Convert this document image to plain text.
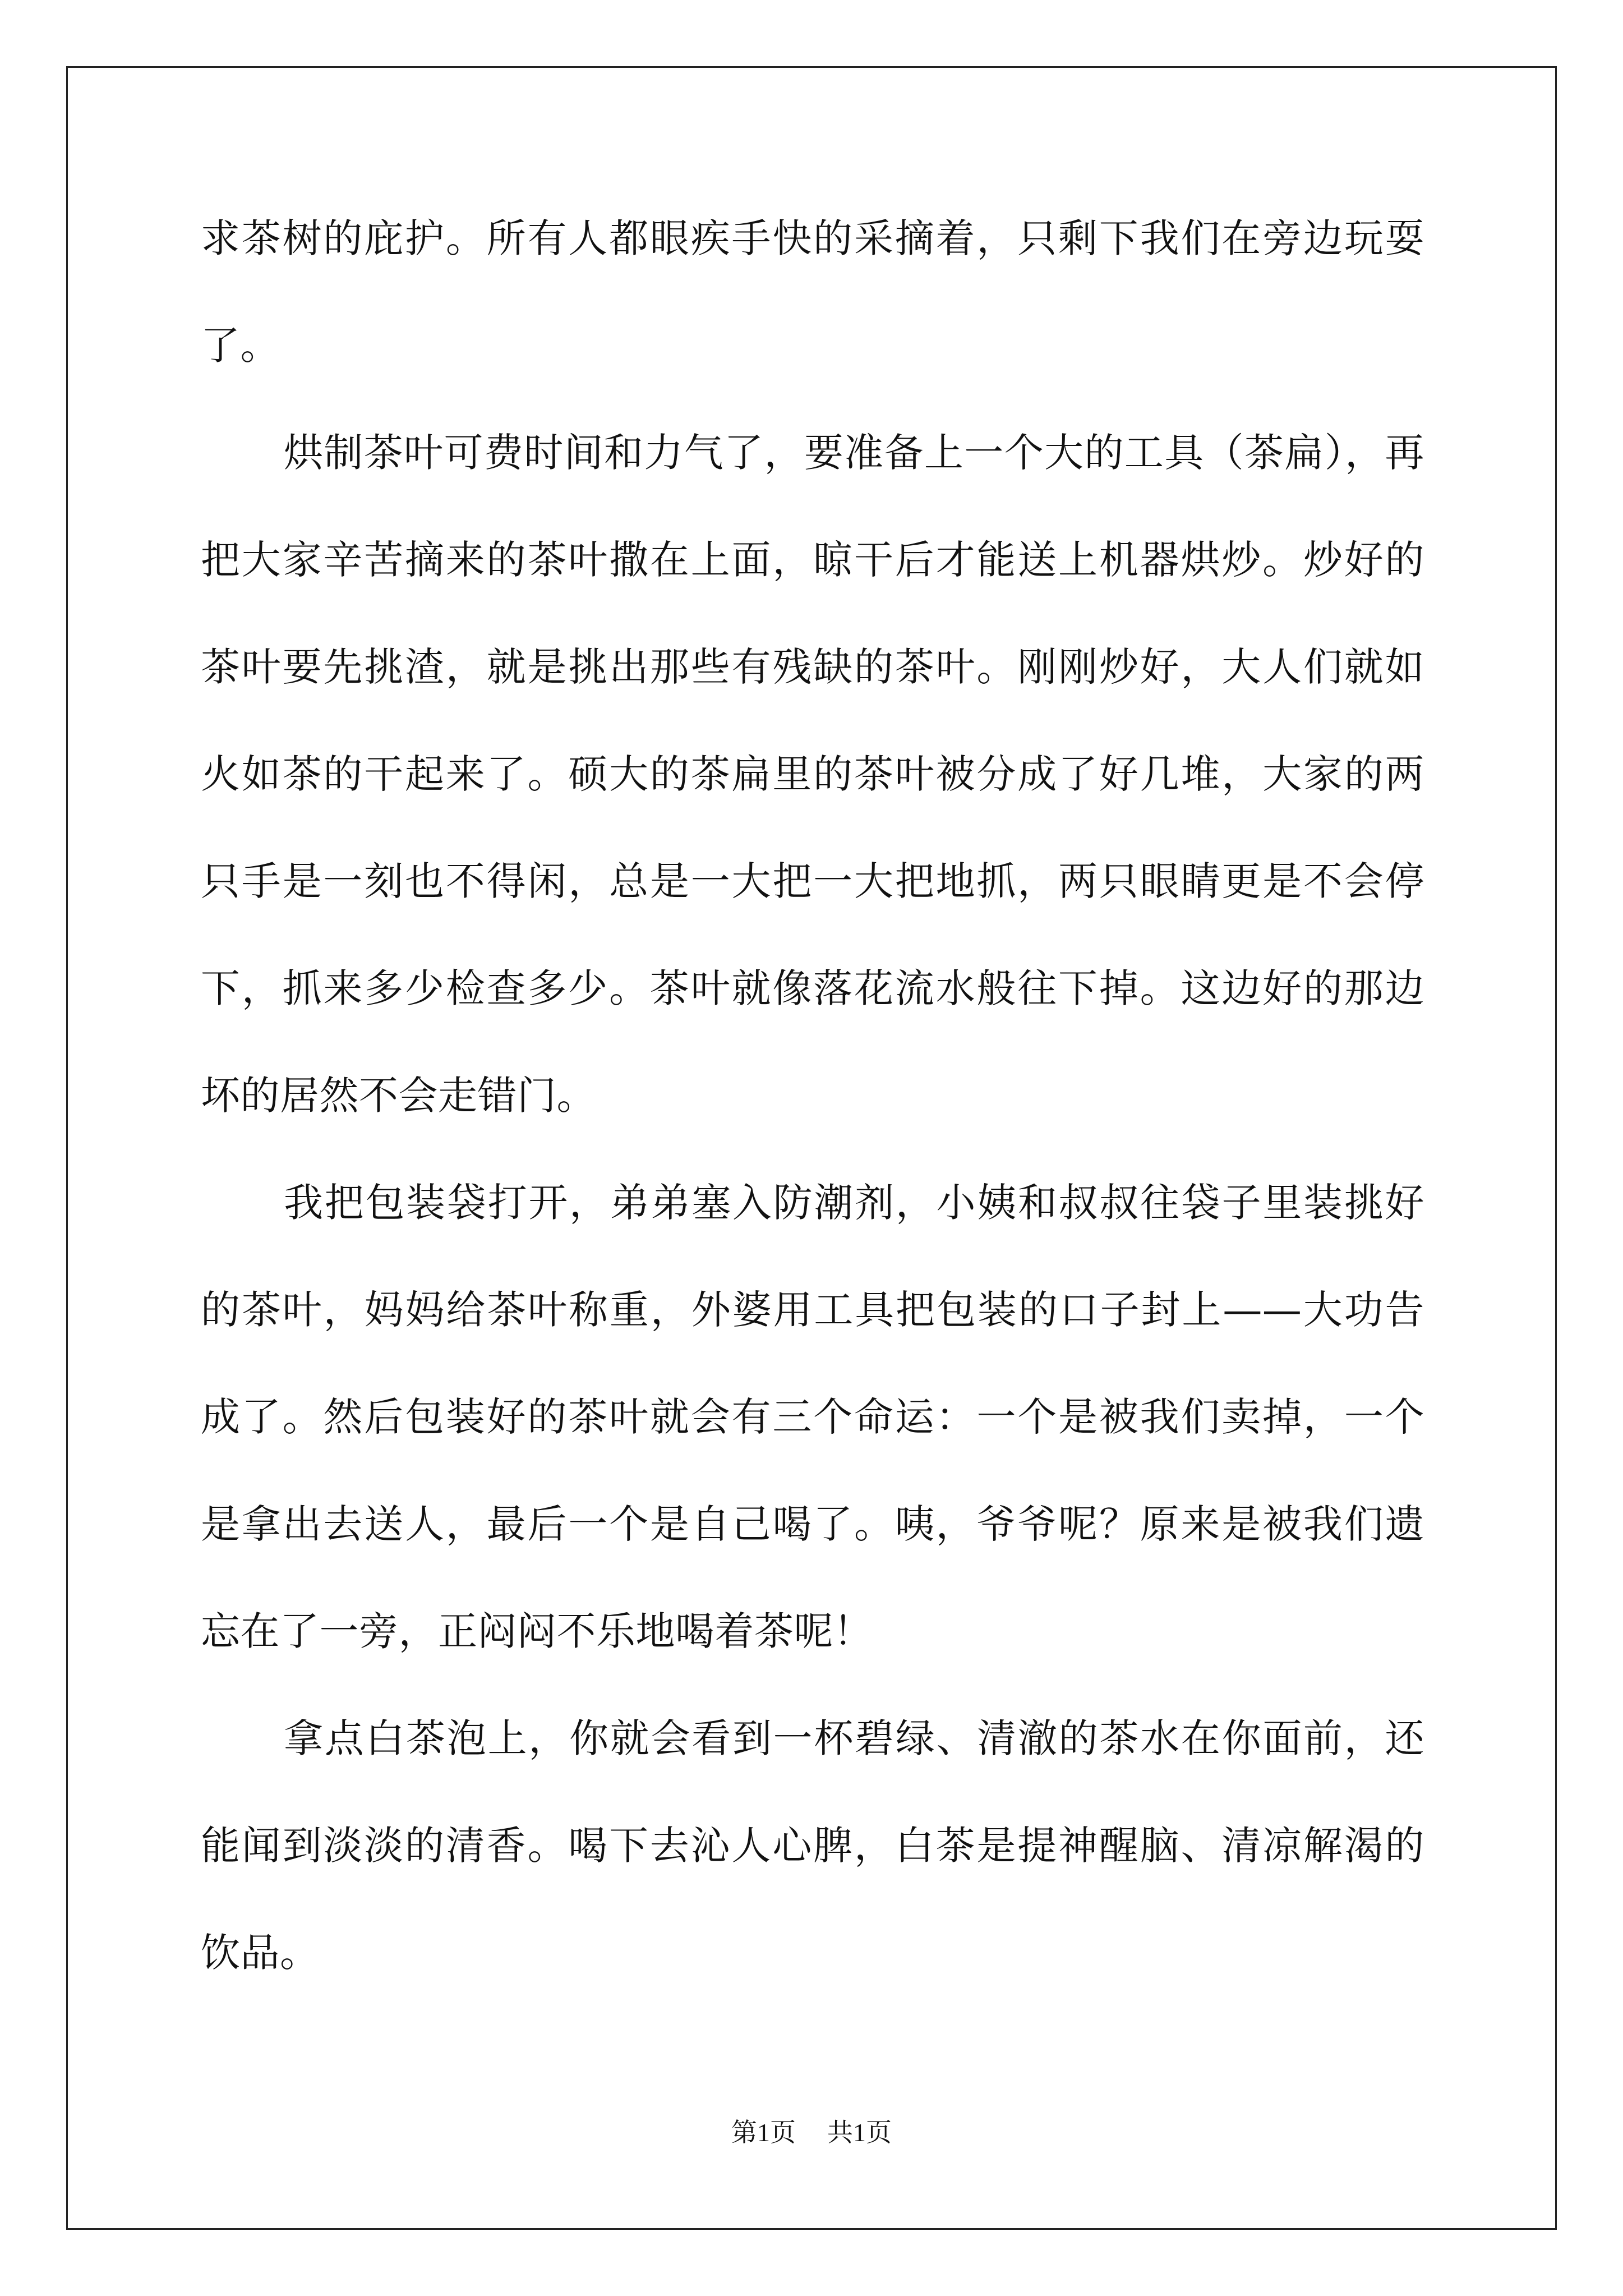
求茶树的庇护。所有人都眼疾手快的采摘着，只剩下我们在旁边玩耍了。

烘制茶叶可费时间和力气了，要准备上一个大的工具（茶扁），再把大家辛苦摘来的茶叶撒在上面，晾干后才能送上机器烘炒。炒好的茶叶要先挑渣，就是挑出那些有残缺的茶叶。刚刚炒好，大人们就如火如茶的干起来了。硕大的茶扁里的茶叶被分成了好几堆，大家的两只手是一刻也不得闲，总是一大把一大把地抓，两只眼睛更是不会停下，抓来多少检查多少。茶叶就像落花流水般往下掉。这边好的那边坏的居然不会走错门。

我把包装袋打开，弟弟塞入防潮剂，小姨和叔叔往袋子里装挑好的茶叶，妈妈给茶叶称重，外婆用工具把包装的口子封上——大功告成了。然后包装好的茶叶就会有三个命运：一个是被我们卖掉，一个是拿出去送人，最后一个是自己喝了。咦，爷爷呢？原来是被我们遗忘在了一旁，正闷闷不乐地喝着茶呢！

拿点白茶泡上，你就会看到一杯碧绿、清澈的茶水在你面前，还能闻到淡淡的清香。喝下去沁人心脾，白茶是提神醒脑、清凉解渴的饮品。

第1页 共1页
